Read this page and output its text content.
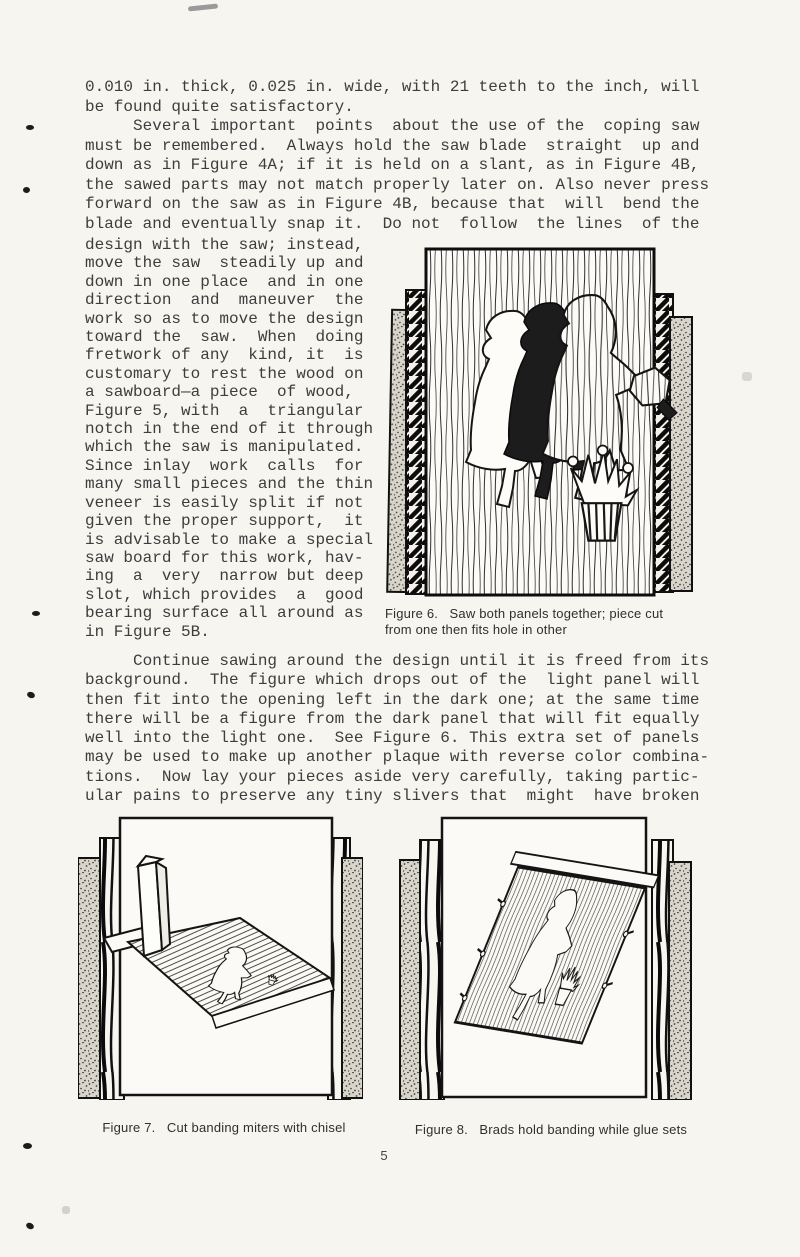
0.010 in. thick, 0.025 in. wide, with 21 teeth to the inch, will
be found quite satisfactory.
Several important  points  about the use of the  coping saw
must be remembered.  Always hold the saw blade  straight  up and
down as in Figure 4A; if it is held on a slant, as in Figure 4B,
the sawed parts may not match properly later on. Also never press
forward on the saw as in Figure 4B, because that  will  bend the
blade and eventually snap it.  Do not  follow  the lines  of the
design with the saw; instead,
move the saw  steadily up and
down in one place  and in one
direction  and  maneuver  the
work so as to move the design
toward the  saw.  When  doing
fretwork of any  kind, it  is
customary to rest the wood on
a sawboard—a piece  of wood,
Figure 5, with  a  triangular
notch in the end of it through
which the saw is manipulated.
Since inlay  work  calls  for
many small pieces and the thin
veneer is easily split if not
given the proper support,  it
is advisable to make a special
saw board for this work, hav-
ing  a  very  narrow but deep
slot, which provides  a  good
bearing surface all around as
in Figure 5B.
Continue sawing around the design until it is freed from its
background.  The figure which drops out of the  light panel will
then fit into the opening left in the dark one; at the same time
there will be a figure from the dark panel that will fit equally
well into the light one.  See Figure 6. This extra set of panels
may be used to make up another plaque with reverse color combina-
tions.  Now lay your pieces aside very carefully, taking partic-
ular pains to preserve any tiny slivers that  might  have broken
Figure 6.   Saw both panels together; piece cut
from one then fits hole in other
Figure 7.   Cut banding miters with chisel	Figure 8.   Brads hold banding while glue sets
5
